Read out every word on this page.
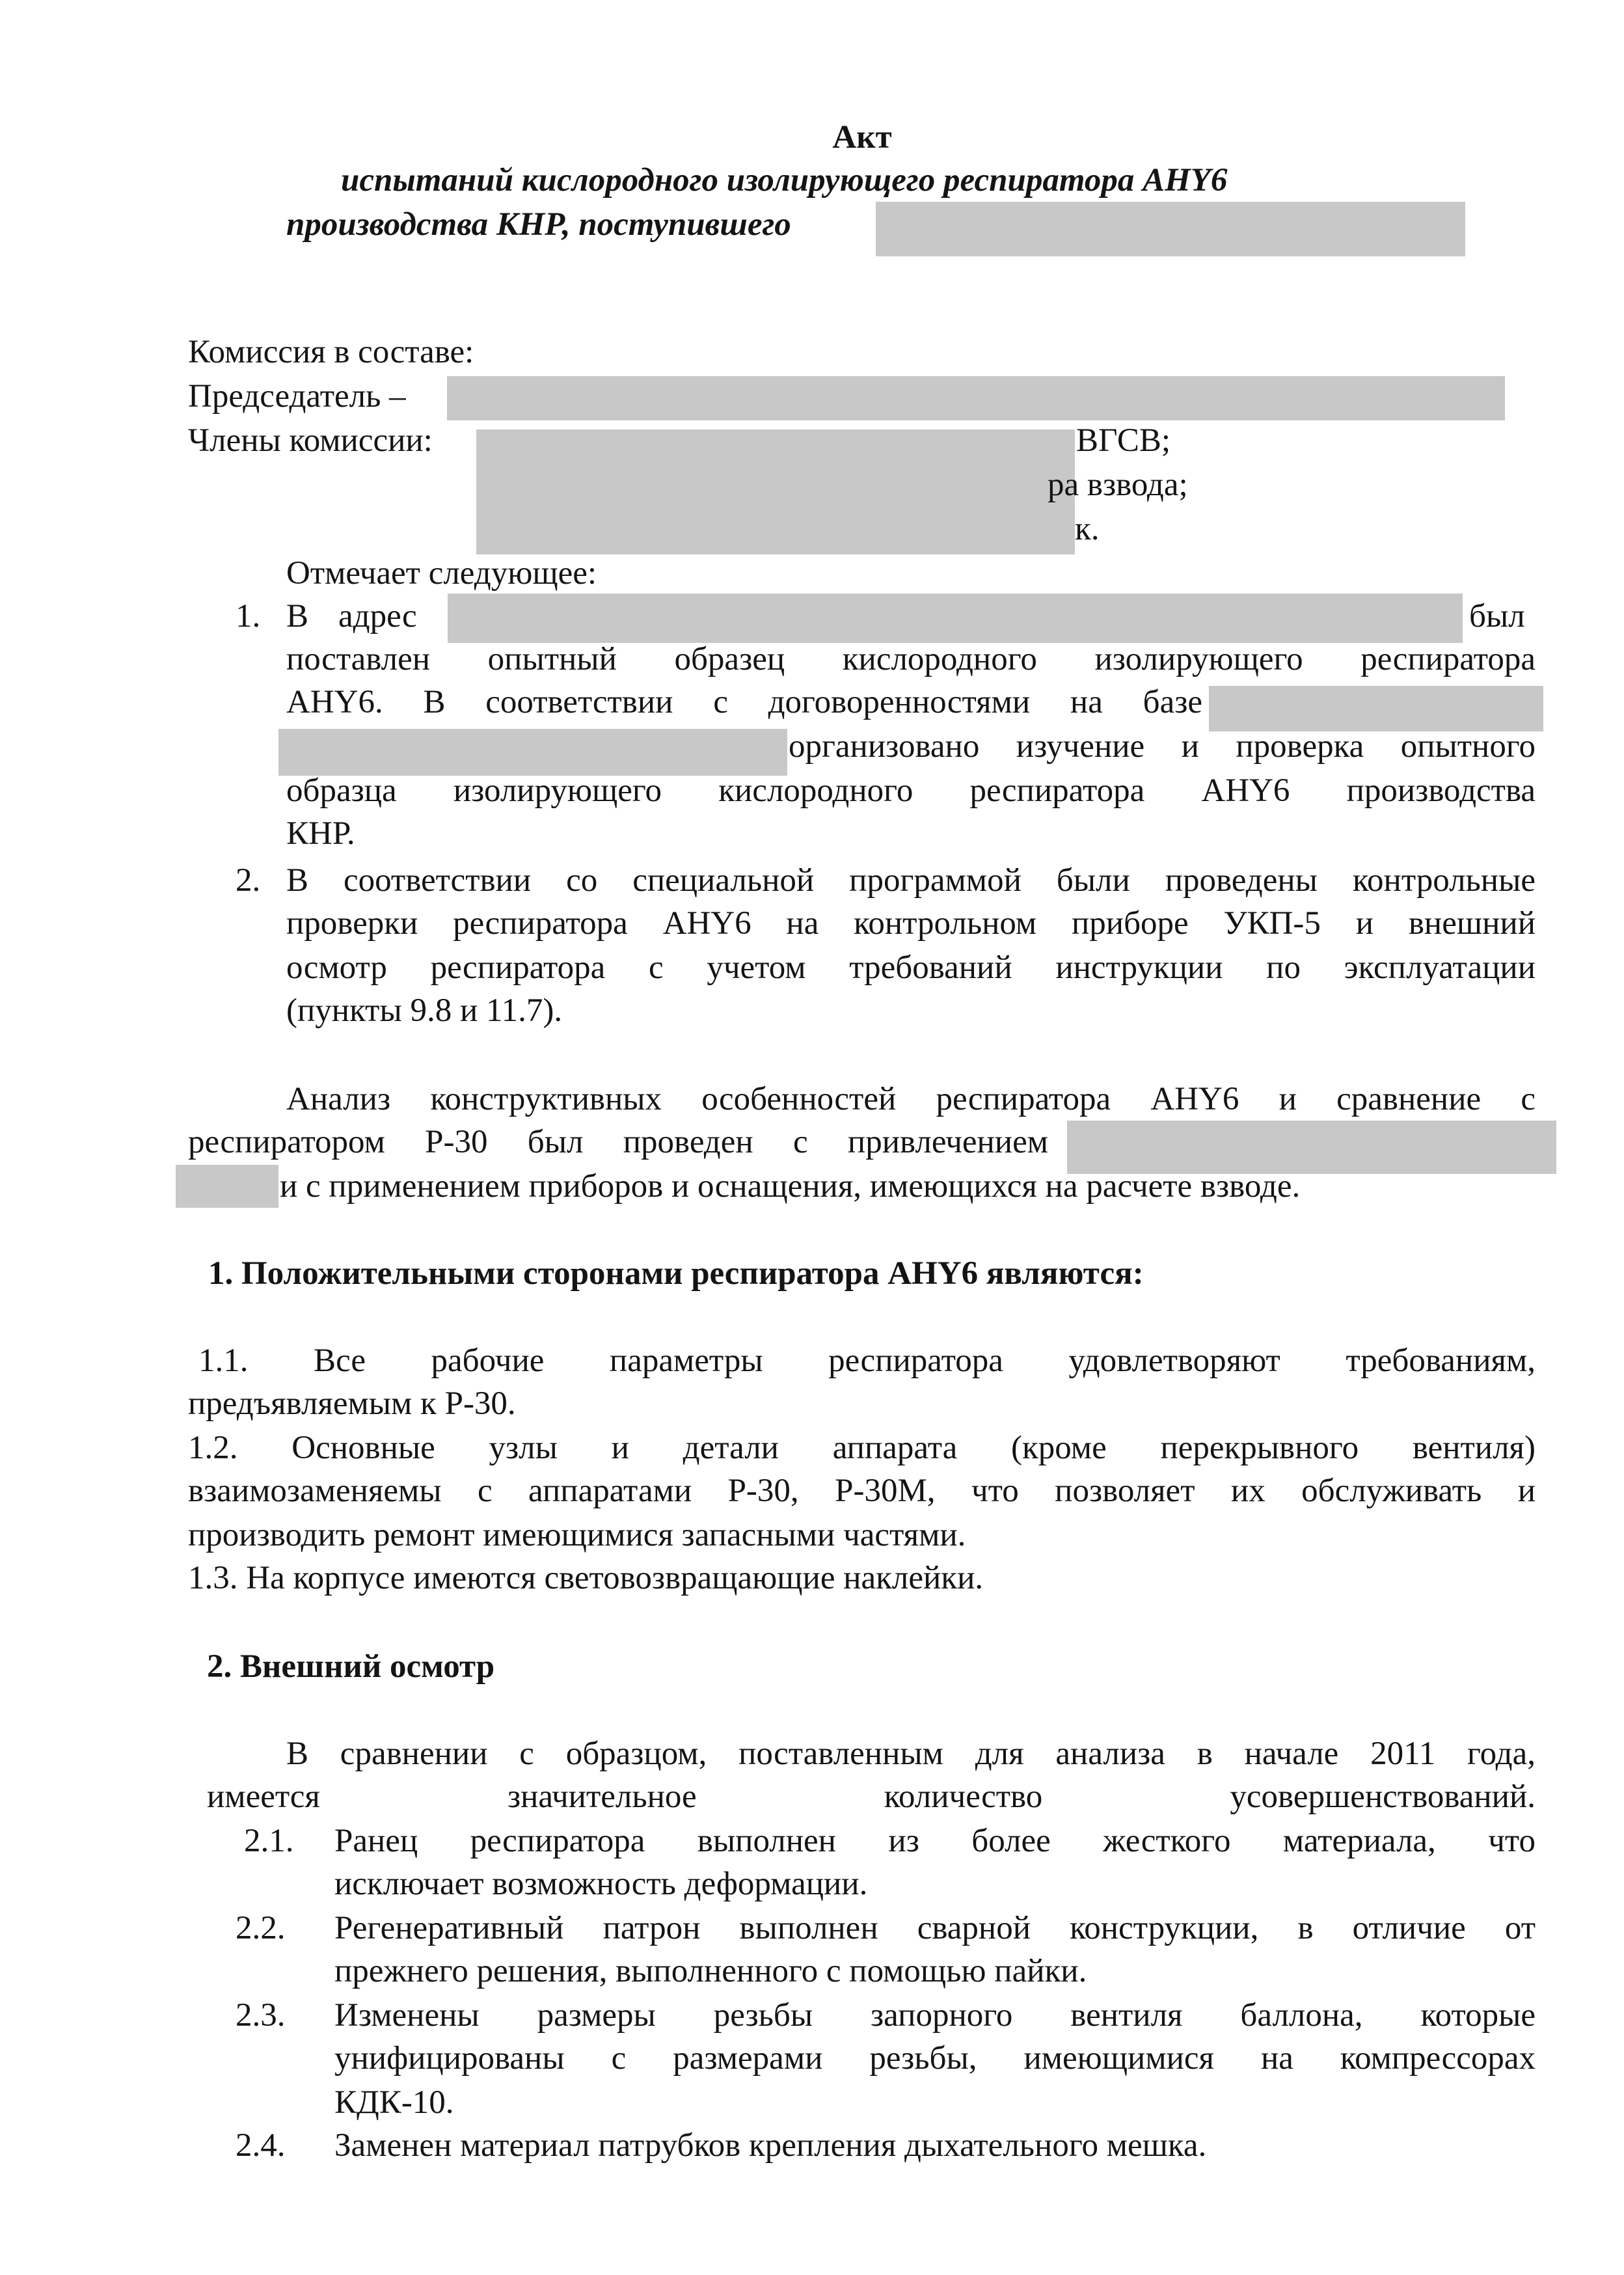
Акт
испытаний кислородного изолирующего респиратора AHY6
производства КНР, поступившего
Комиссия в составе:
Председатель –
Члены комиссии:	ВГСВ;
ра взвода;
к.
Отмечает следующее:
1. В адрес	был
поставлен опытный образец кислородного изолирующего респиратора
AHY6. В соответствии с договоренностями на базе
организовано изучение и проверка опытного
образца изолирующего кислородного респиратора AHY6 производства
КНР.
2. В соответствии со специальной программой были проведены контрольные
проверки респиратора AHY6 на контрольном приборе УКП-5 и внешний
осмотр респиратора с учетом требований инструкции по эксплуатации
(пункты 9.8 и 11.7).
Анализ конструктивных особенностей респиратора AHY6 и сравнение с
респиратором Р-30 был проведен с привлечением
и с применением приборов и оснащения, имеющихся на расчете взводе.
1. Положительными сторонами респиратора AHY6 являются:
1.1. Все рабочие параметры респиратора удовлетворяют требованиям,
предъявляемым к Р-30.
1.2. Основные узлы и детали аппарата (кроме перекрывного вентиля)
взаимозаменяемы с аппаратами Р-30, Р-30М, что позволяет их обслуживать и
производить ремонт имеющимися запасными частями.
1.3. На корпусе имеются световозвращающие наклейки.
2. Внешний осмотр
В сравнении с образцом, поставленным для анализа в начале 2011 года,
имеется значительное количество усовершенствований.
2.1. Ранец респиратора выполнен из более жесткого материала, что
исключает возможность деформации.
2.2. Регенеративный патрон выполнен сварной конструкции, в отличие от
прежнего решения, выполненного с помощью пайки.
2.3. Изменены размеры резьбы запорного вентиля баллона, которые
унифицированы с размерами резьбы, имеющимися на компрессорах
КДК-10.
2.4. Заменен материал патрубков крепления дыхательного мешка.
